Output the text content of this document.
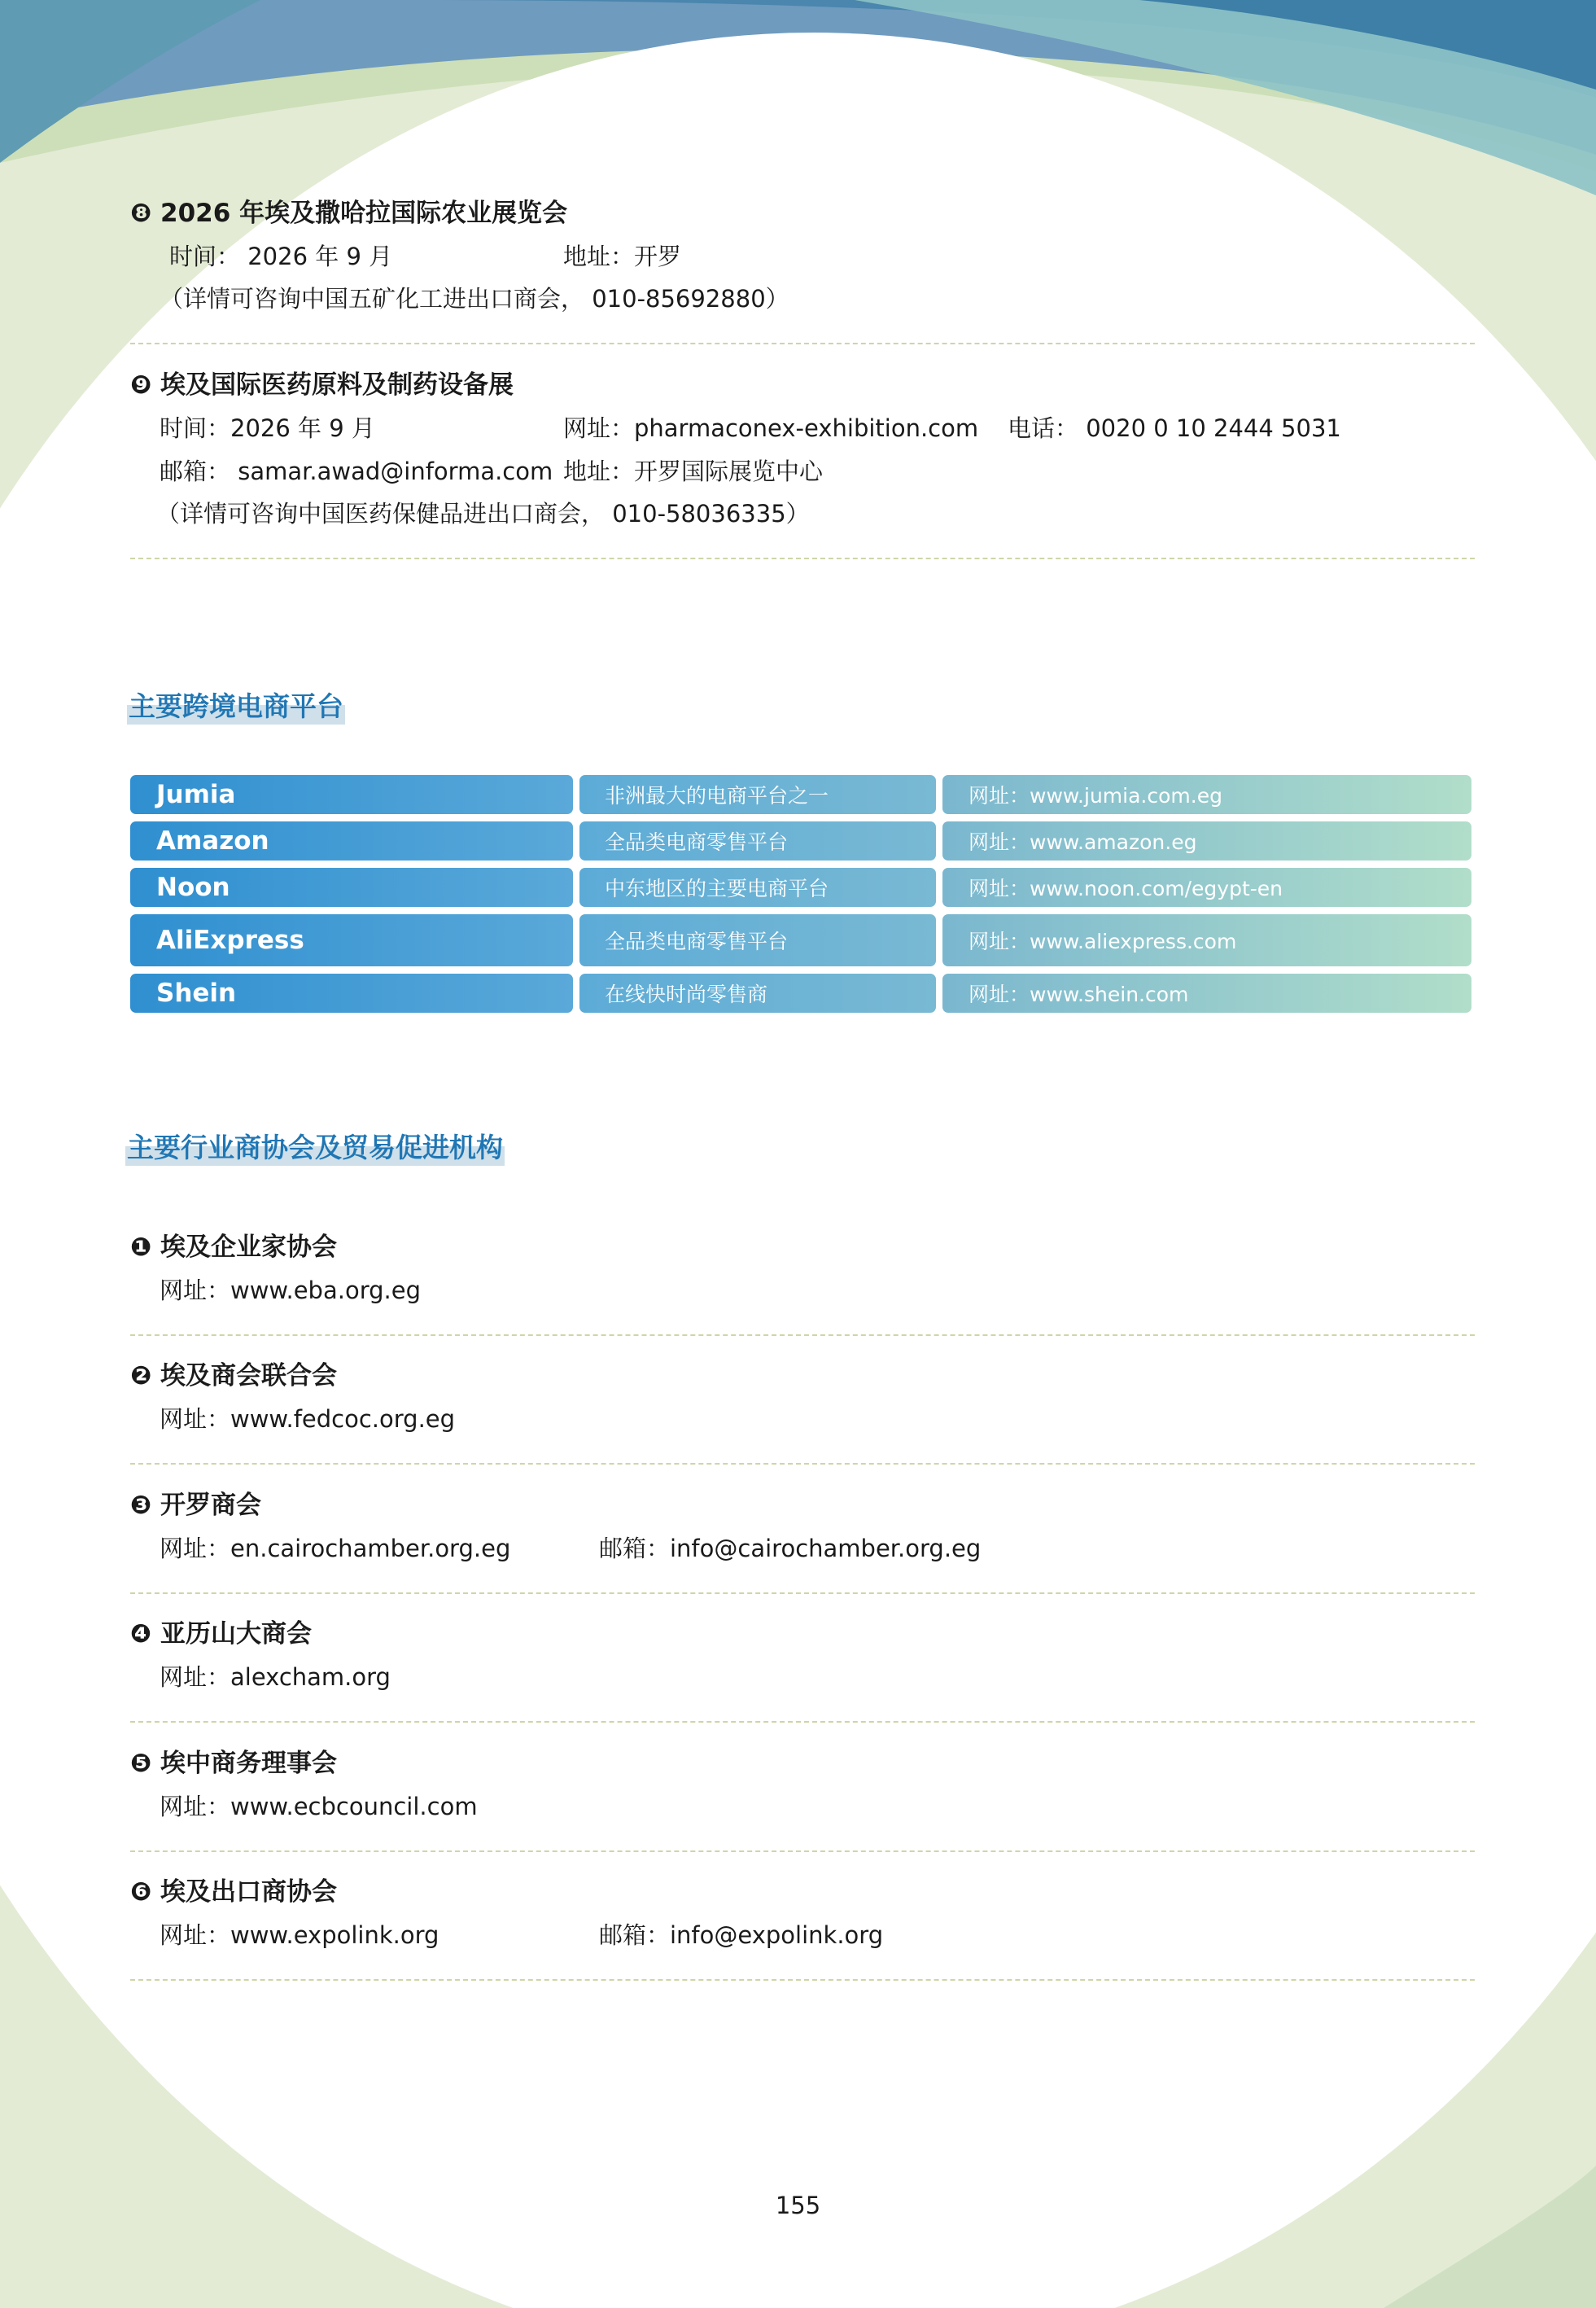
❽ 2026 年埃及撒哈拉国际农业展览会
时间： 2026 年 9 月	地址：开罗
（详情可咨询中国五矿化工进出口商会， 010-85692880）
❾ 埃及国际医药原料及制药设备展
时间：2026 年 9 月	网址：pharmaconex-exhibition.com 电话： 0020 0 10 2444 5031
邮箱： samar.awad@informa.com 地址：开罗国际展览中心
（详情可咨询中国医药保健品进出口商会， 010-58036335）
主要跨境电商平台
Jumia	非洲最大的电商平台之一	网址：www.jumia.com.eg
Amazon	全品类电商零售平台	网址：www.amazon.eg
Noon	中东地区的主要电商平台	网址：www.noon.com/egypt-en
AliExpress	全品类电商零售平台	网址：www.aliexpress.com
Shein	在线快时尚零售商	网址：www.shein.com
主要行业商协会及贸易促进机构
❶ 埃及企业家协会
网址：www.eba.org.eg
❷ 埃及商会联合会
网址：www.fedcoc.org.eg
❸ 开罗商会
网址：en.cairochamber.org.eg	邮箱：info@cairochamber.org.eg
❹ 亚历山大商会
网址：alexcham.org
❺ 埃中商务理事会
网址：www.ecbcouncil.com
❻ 埃及出口商协会
网址：www.expolink.org	邮箱：info@expolink.org
155
